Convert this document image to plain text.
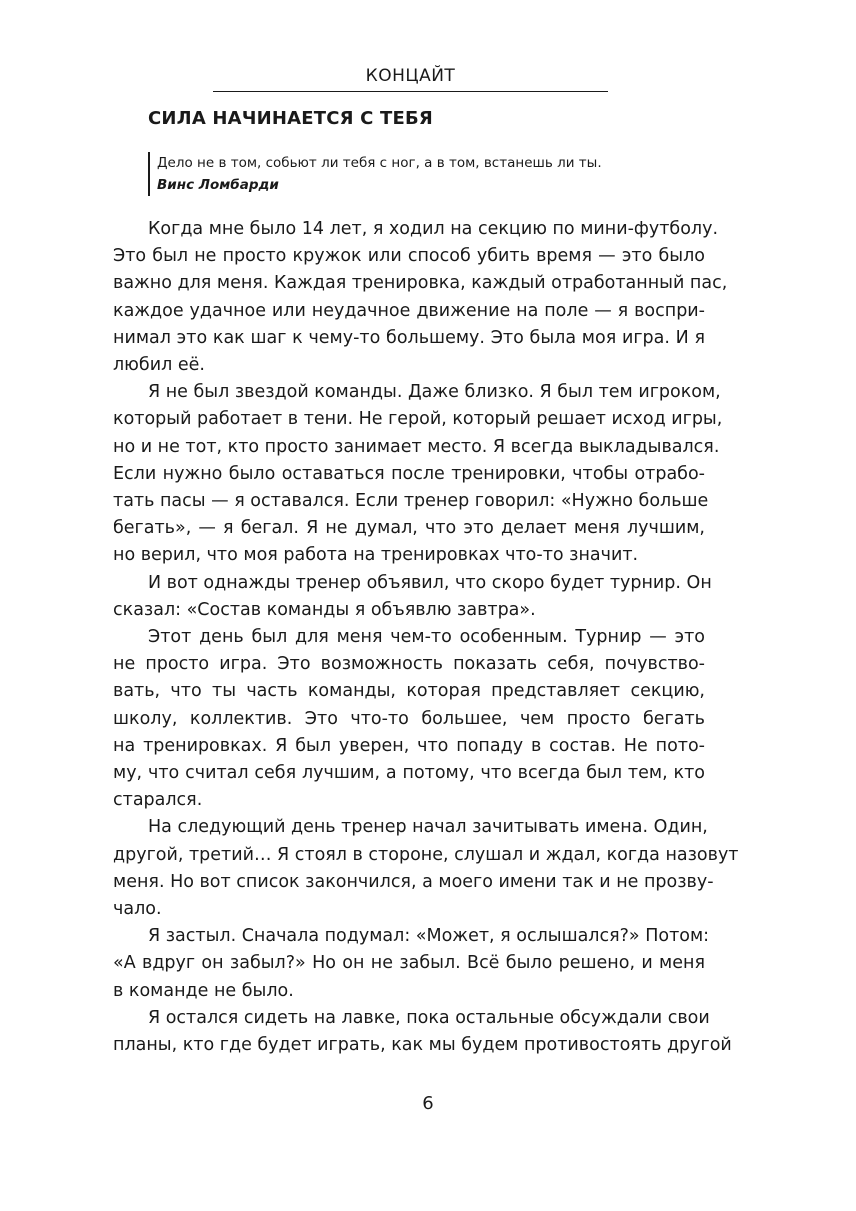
КОНЦАЙТ
СИЛА НАЧИНАЕТСЯ С ТЕБЯ
Дело не в том, собьют ли тебя с ног, а в том, встанешь ли ты.
Винс Ломбарди
Когда мне было 14 лет, я ходил на секцию по мини-футболу.
Это был не просто кружок или способ убить время — это было
важно для меня. Каждая тренировка, каждый отработанный пас,
каждое удачное или неудачное движение на поле — я воспри-
нимал это как шаг к чему-то большему. Это была моя игра. И я
любил её.
Я не был звездой команды. Даже близко. Я был тем игроком,
который работает в тени. Не герой, который решает исход игры,
но и не тот, кто просто занимает место. Я всегда выкладывался.
Если нужно было оставаться после тренировки, чтобы отрабо-
тать пасы — я оставался. Если тренер говорил: «Нужно больше
бегать», — я бегал. Я не думал, что это делает меня лучшим,
но верил, что моя работа на тренировках что-то значит.
И вот однажды тренер объявил, что скоро будет турнир. Он
сказал: «Состав команды я объявлю завтра».
Этот день был для меня чем-то особенным. Турнир — это
не просто игра. Это возможность показать себя, почувство-
вать, что ты часть команды, которая представляет секцию,
школу, коллектив. Это что-то большее, чем просто бегать
на тренировках. Я был уверен, что попаду в состав. Не пото-
му, что считал себя лучшим, а потому, что всегда был тем, кто
старался.
На следующий день тренер начал зачитывать имена. Один,
другой, третий… Я стоял в стороне, слушал и ждал, когда назовут
меня. Но вот список закончился, а моего имени так и не прозву-
чало.
Я застыл. Сначала подумал: «Может, я ослышался?» Потом:
«А вдруг он забыл?» Но он не забыл. Всё было решено, и меня
в команде не было.
Я остался сидеть на лавке, пока остальные обсуждали свои
планы, кто где будет играть, как мы будем противостоять другой
6
